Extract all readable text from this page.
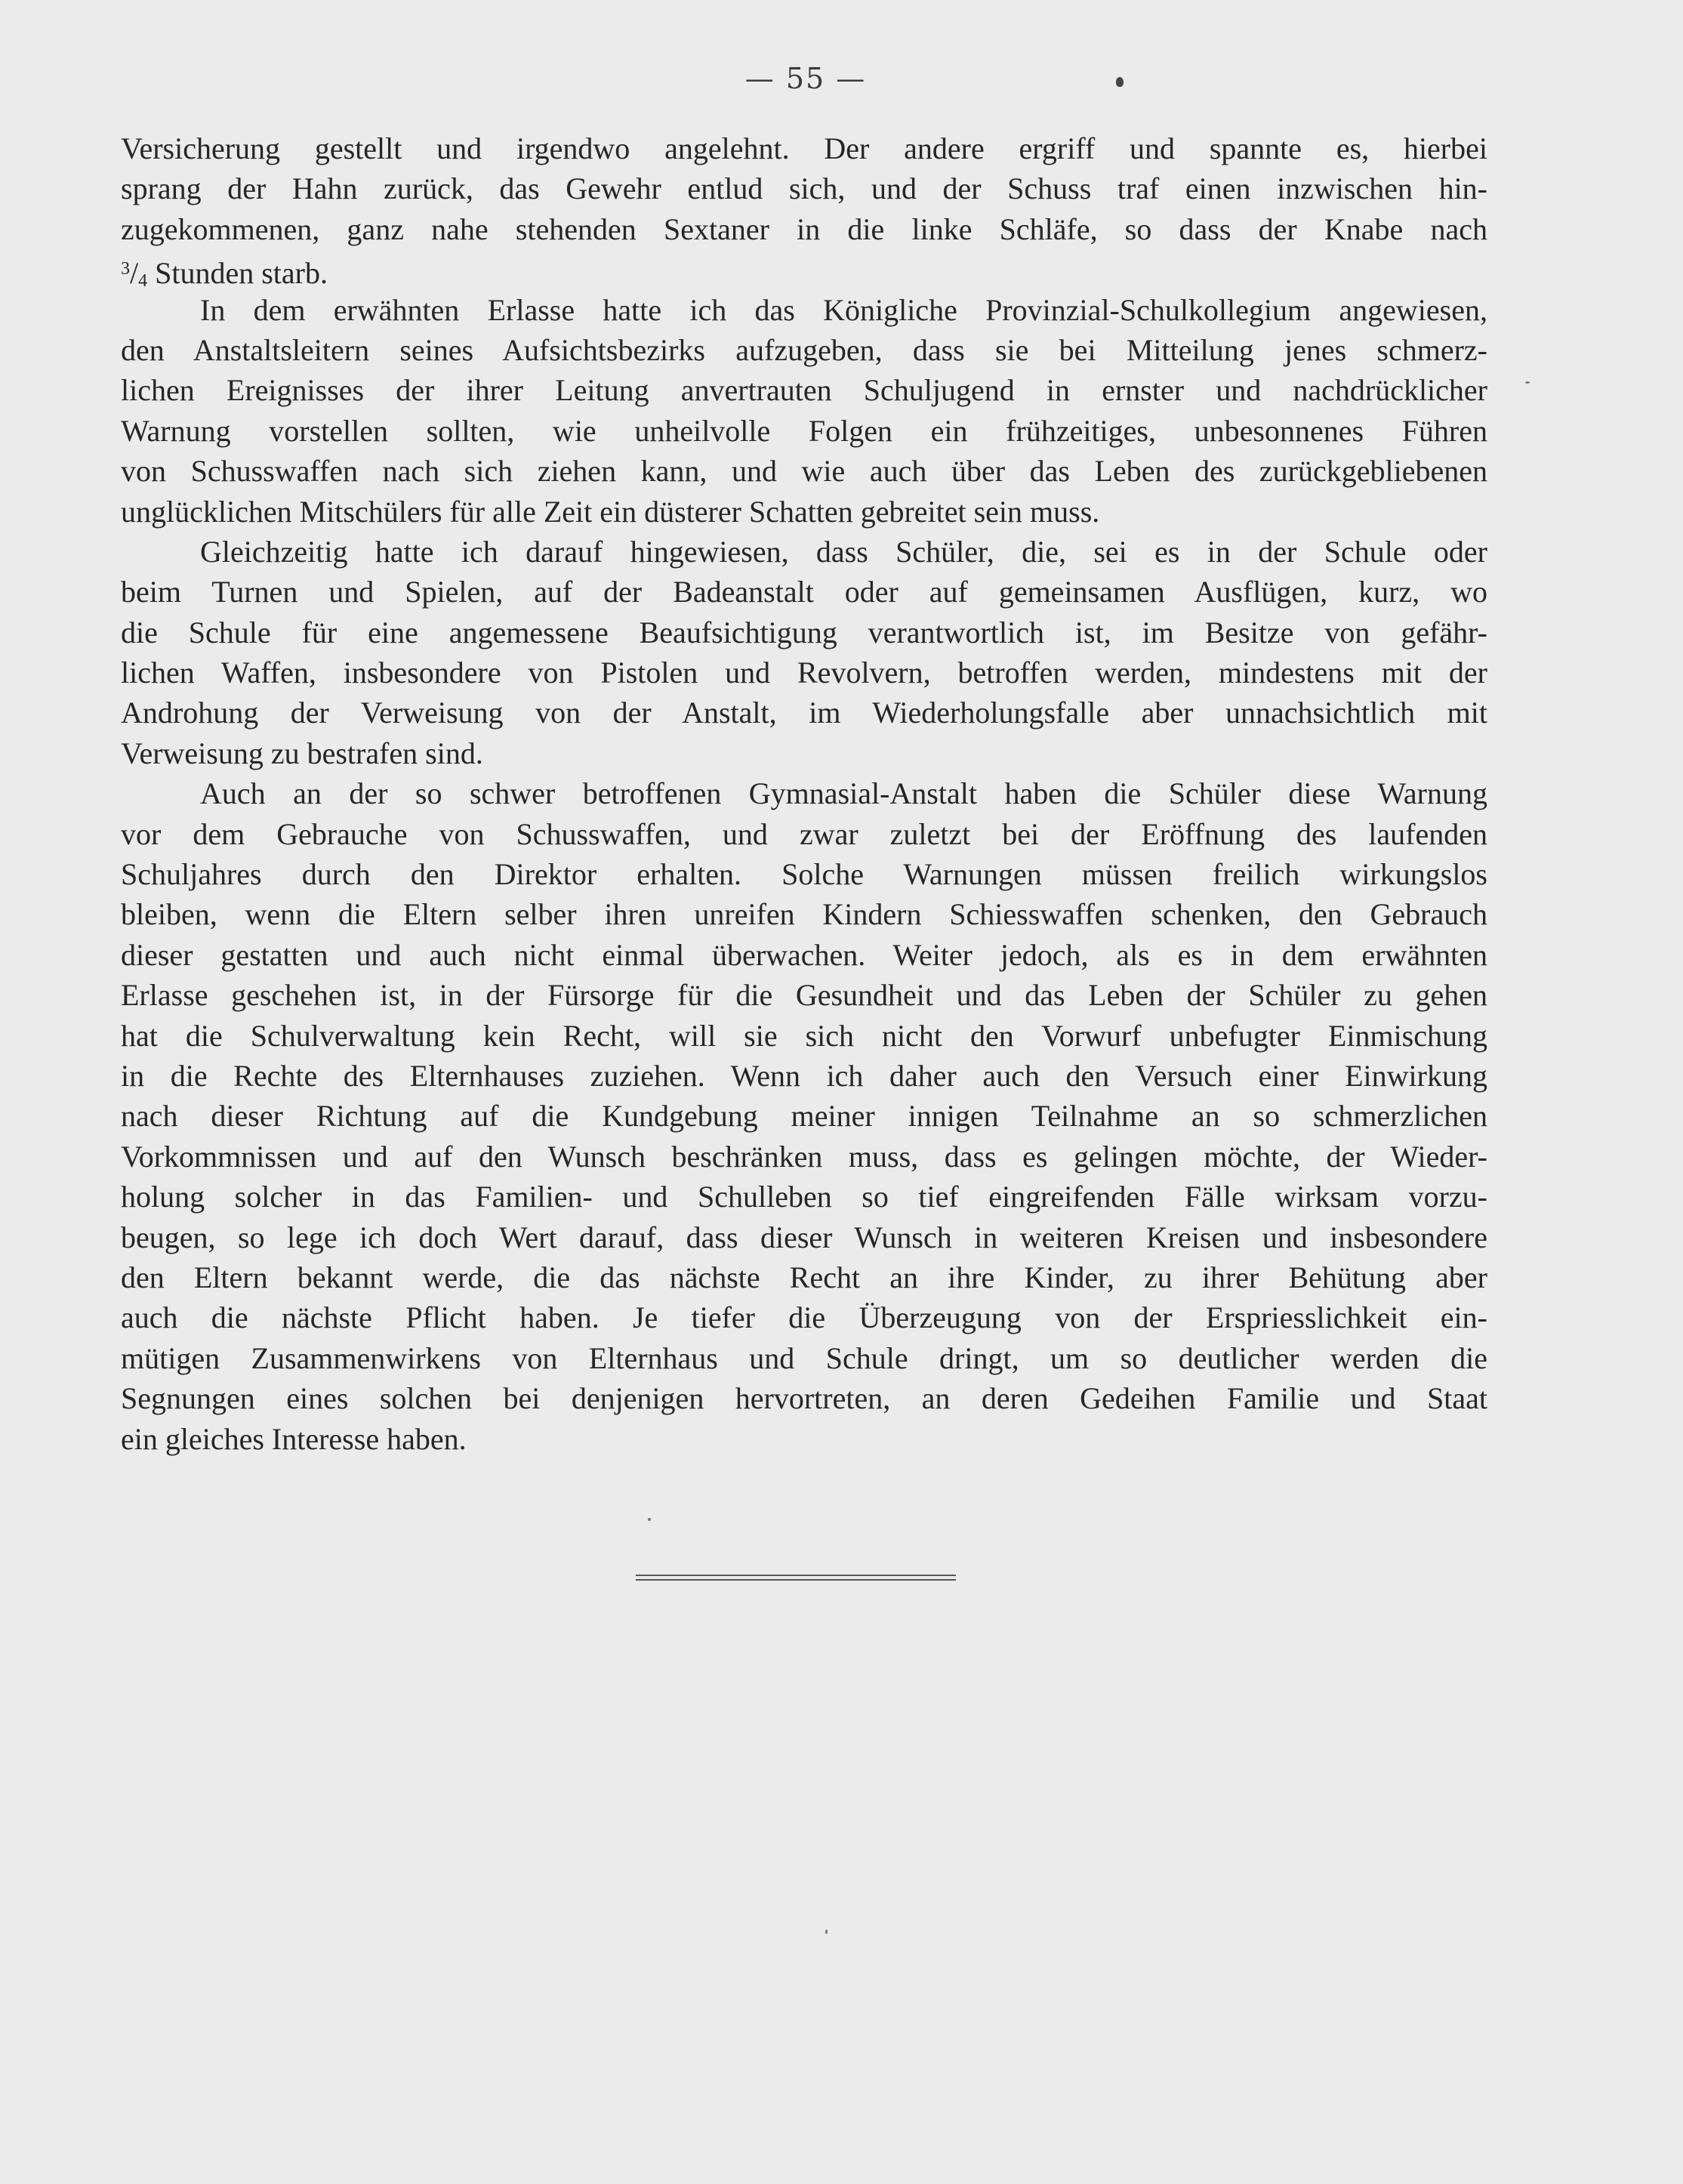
— 55 —
Versicherung gestellt und irgendwo angelehnt. Der andere ergriff und spannte es, hierbei
sprang der Hahn zurück, das Gewehr entlud sich, und der Schuss traf einen inzwischen hin-
zugekommenen, ganz nahe stehenden Sextaner in die linke Schläfe, so dass der Knabe nach
$^3/_4$ Stunden starb.
In dem erwähnten Erlasse hatte ich das Königliche Provinzial-Schulkollegium angewiesen,
den Anstaltsleitern seines Aufsichtsbezirks aufzugeben, dass sie bei Mitteilung jenes schmerz-
lichen Ereignisses der ihrer Leitung anvertrauten Schuljugend in ernster und nachdrücklicher
Warnung vorstellen sollten, wie unheilvolle Folgen ein frühzeitiges, unbesonnenes Führen
von Schusswaffen nach sich ziehen kann, und wie auch über das Leben des zurückgebliebenen
unglücklichen Mitschülers für alle Zeit ein düsterer Schatten gebreitet sein muss.
Gleichzeitig hatte ich darauf hingewiesen, dass Schüler, die, sei es in der Schule oder
beim Turnen und Spielen, auf der Badeanstalt oder auf gemeinsamen Ausflügen, kurz, wo
die Schule für eine angemessene Beaufsichtigung verantwortlich ist, im Besitze von gefähr-
lichen Waffen, insbesondere von Pistolen und Revolvern, betroffen werden, mindestens mit der
Androhung der Verweisung von der Anstalt, im Wiederholungsfalle aber unnachsichtlich mit
Verweisung zu bestrafen sind.
Auch an der so schwer betroffenen Gymnasial-Anstalt haben die Schüler diese Warnung
vor dem Gebrauche von Schusswaffen, und zwar zuletzt bei der Eröffnung des laufenden
Schuljahres durch den Direktor erhalten. Solche Warnungen müssen freilich wirkungslos
bleiben, wenn die Eltern selber ihren unreifen Kindern Schiesswaffen schenken, den Gebrauch
dieser gestatten und auch nicht einmal überwachen. Weiter jedoch, als es in dem erwähnten
Erlasse geschehen ist, in der Fürsorge für die Gesundheit und das Leben der Schüler zu gehen
hat die Schulverwaltung kein Recht, will sie sich nicht den Vorwurf unbefugter Einmischung
in die Rechte des Elternhauses zuziehen. Wenn ich daher auch den Versuch einer Einwirkung
nach dieser Richtung auf die Kundgebung meiner innigen Teilnahme an so schmerzlichen
Vorkommnissen und auf den Wunsch beschränken muss, dass es gelingen möchte, der Wieder-
holung solcher in das Familien- und Schulleben so tief eingreifenden Fälle wirksam vorzu-
beugen, so lege ich doch Wert darauf, dass dieser Wunsch in weiteren Kreisen und insbesondere
den Eltern bekannt werde, die das nächste Recht an ihre Kinder, zu ihrer Behütung aber
auch die nächste Pflicht haben. Je tiefer die Überzeugung von der Erspriesslichkeit ein-
mütigen Zusammenwirkens von Elternhaus und Schule dringt, um so deutlicher werden die
Segnungen eines solchen bei denjenigen hervortreten, an deren Gedeihen Familie und Staat
ein gleiches Interesse haben.
